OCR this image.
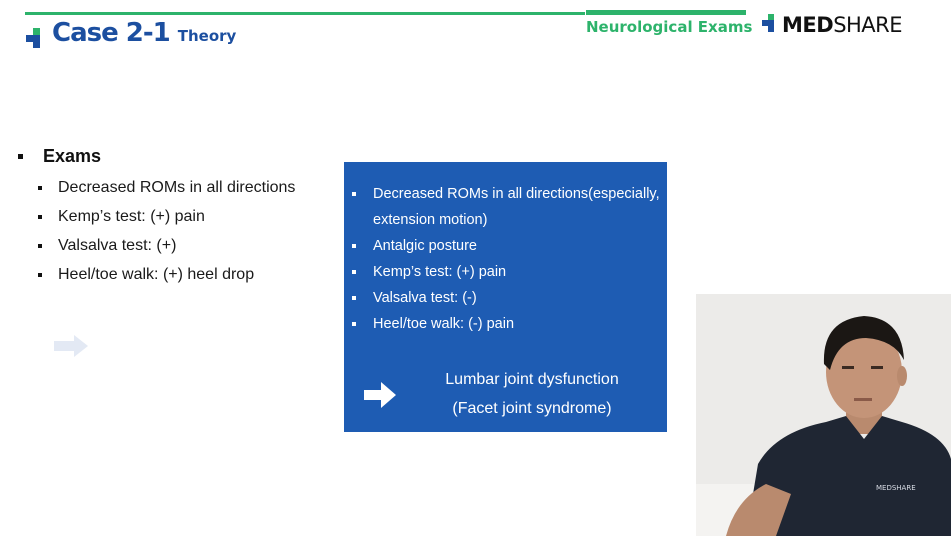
Case 2-1 Theory	Neurological Exams MEDSHARE
Exams
Decreased ROMs in all directions
Kemp’s test: (+) pain
Valsalva test: (+)
Heel/toe walk: (+) heel drop
Decreased ROMs in all directions(especially, extension motion)
Antalgic posture
Kemp’s test: (+) pain
Valsalva test: (-)
Heel/toe walk: (-) pain
Lumbar joint dysfunction
(Facet joint syndrome)
MEDSHARE
